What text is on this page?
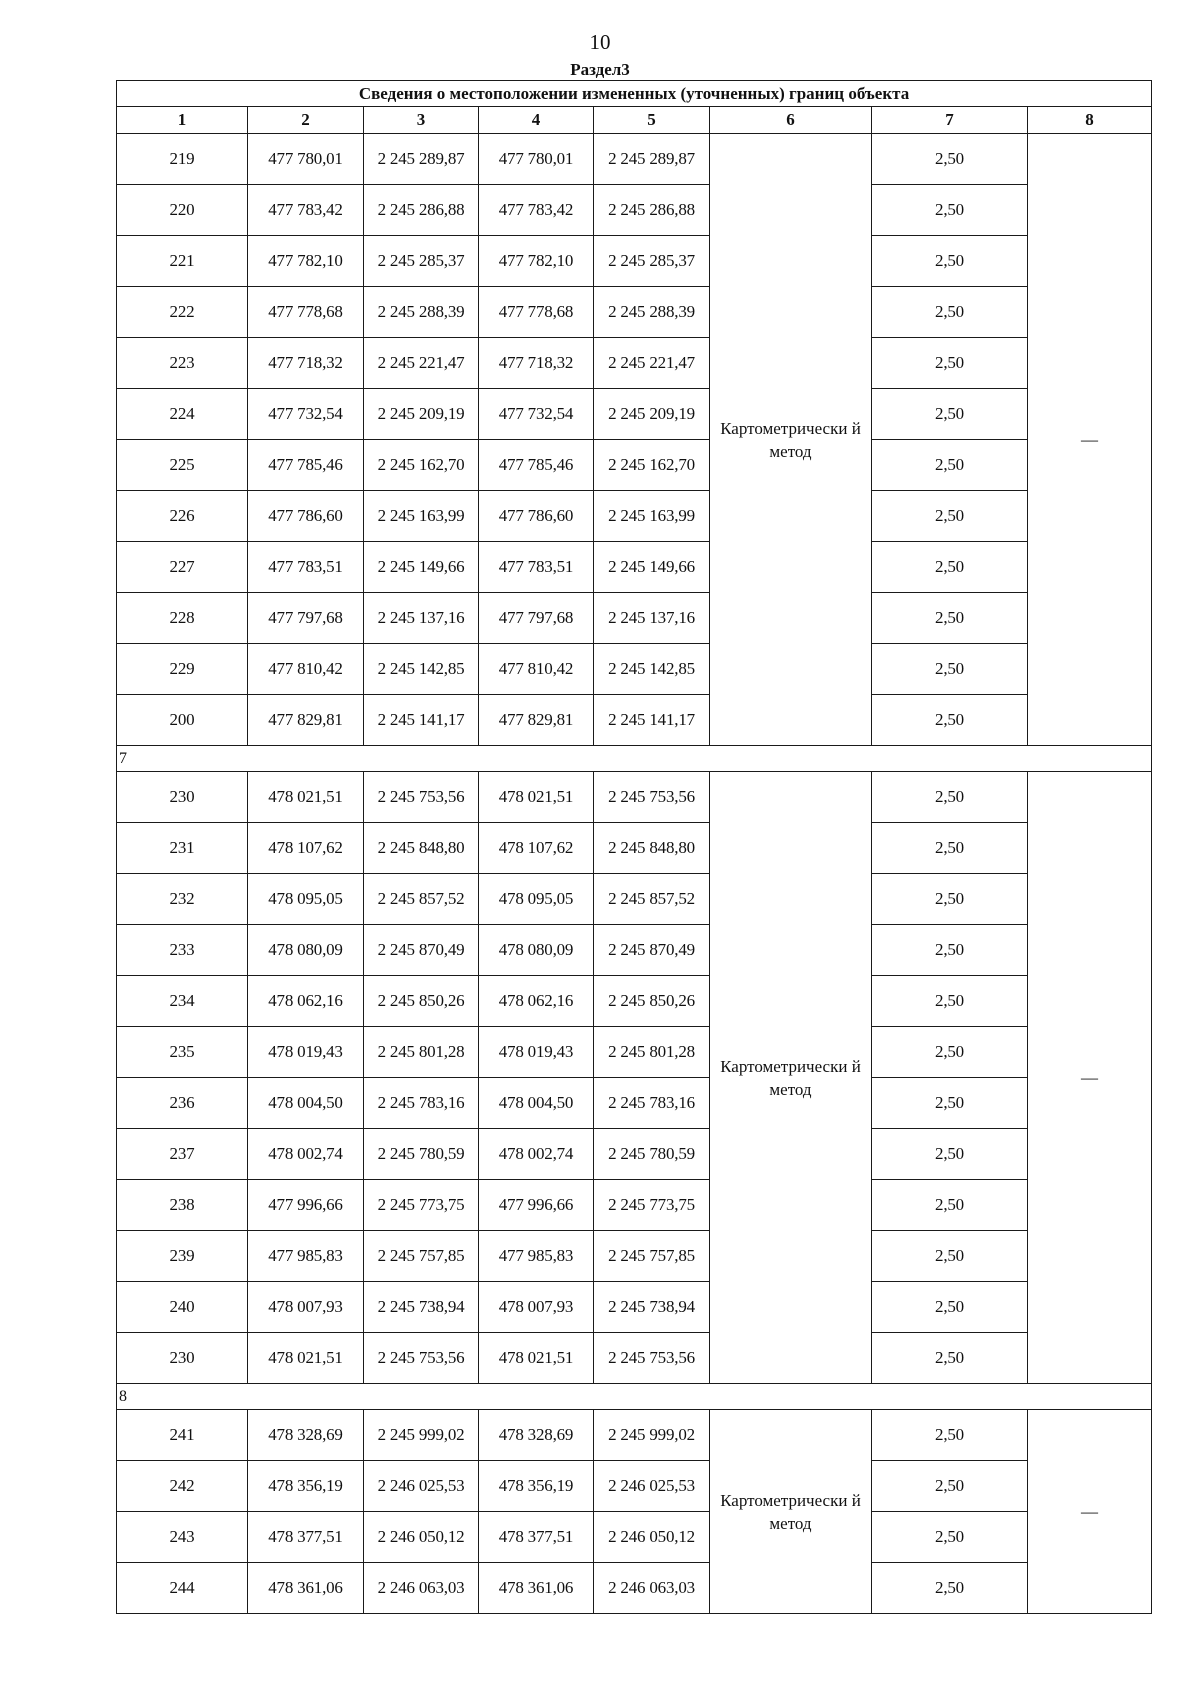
10
Раздел3
Сведения о местоположении измененных (уточненных) границ объекта							
1	2	3	4	5	6	7	8
219	477 780,01	2 245 289,87	477 780,01	2 245 289,87	Картометрически й метод	2,50	—
220	477 783,42	2 245 286,88	477 783,42	2 245 286,88		2,50	
221	477 782,10	2 245 285,37	477 782,10	2 245 285,37		2,50	
222	477 778,68	2 245 288,39	477 778,68	2 245 288,39		2,50	
223	477 718,32	2 245 221,47	477 718,32	2 245 221,47		2,50	
224	477 732,54	2 245 209,19	477 732,54	2 245 209,19		2,50	
225	477 785,46	2 245 162,70	477 785,46	2 245 162,70		2,50	
226	477 786,60	2 245 163,99	477 786,60	2 245 163,99		2,50	
227	477 783,51	2 245 149,66	477 783,51	2 245 149,66		2,50	
228	477 797,68	2 245 137,16	477 797,68	2 245 137,16		2,50	
229	477 810,42	2 245 142,85	477 810,42	2 245 142,85		2,50	
200	477 829,81	2 245 141,17	477 829,81	2 245 141,17		2,50	
7							
230	478 021,51	2 245 753,56	478 021,51	2 245 753,56	Картометрически й метод	2,50	—
231	478 107,62	2 245 848,80	478 107,62	2 245 848,80		2,50	
232	478 095,05	2 245 857,52	478 095,05	2 245 857,52		2,50	
233	478 080,09	2 245 870,49	478 080,09	2 245 870,49		2,50	
234	478 062,16	2 245 850,26	478 062,16	2 245 850,26		2,50	
235	478 019,43	2 245 801,28	478 019,43	2 245 801,28		2,50	
236	478 004,50	2 245 783,16	478 004,50	2 245 783,16		2,50	
237	478 002,74	2 245 780,59	478 002,74	2 245 780,59		2,50	
238	477 996,66	2 245 773,75	477 996,66	2 245 773,75		2,50	
239	477 985,83	2 245 757,85	477 985,83	2 245 757,85		2,50	
240	478 007,93	2 245 738,94	478 007,93	2 245 738,94		2,50	
230	478 021,51	2 245 753,56	478 021,51	2 245 753,56		2,50	
8							
241	478 328,69	2 245 999,02	478 328,69	2 245 999,02	Картометрически й метод	2,50	—
242	478 356,19	2 246 025,53	478 356,19	2 246 025,53		2,50	
243	478 377,51	2 246 050,12	478 377,51	2 246 050,12		2,50	
244	478 361,06	2 246 063,03	478 361,06	2 246 063,03		2,50	
